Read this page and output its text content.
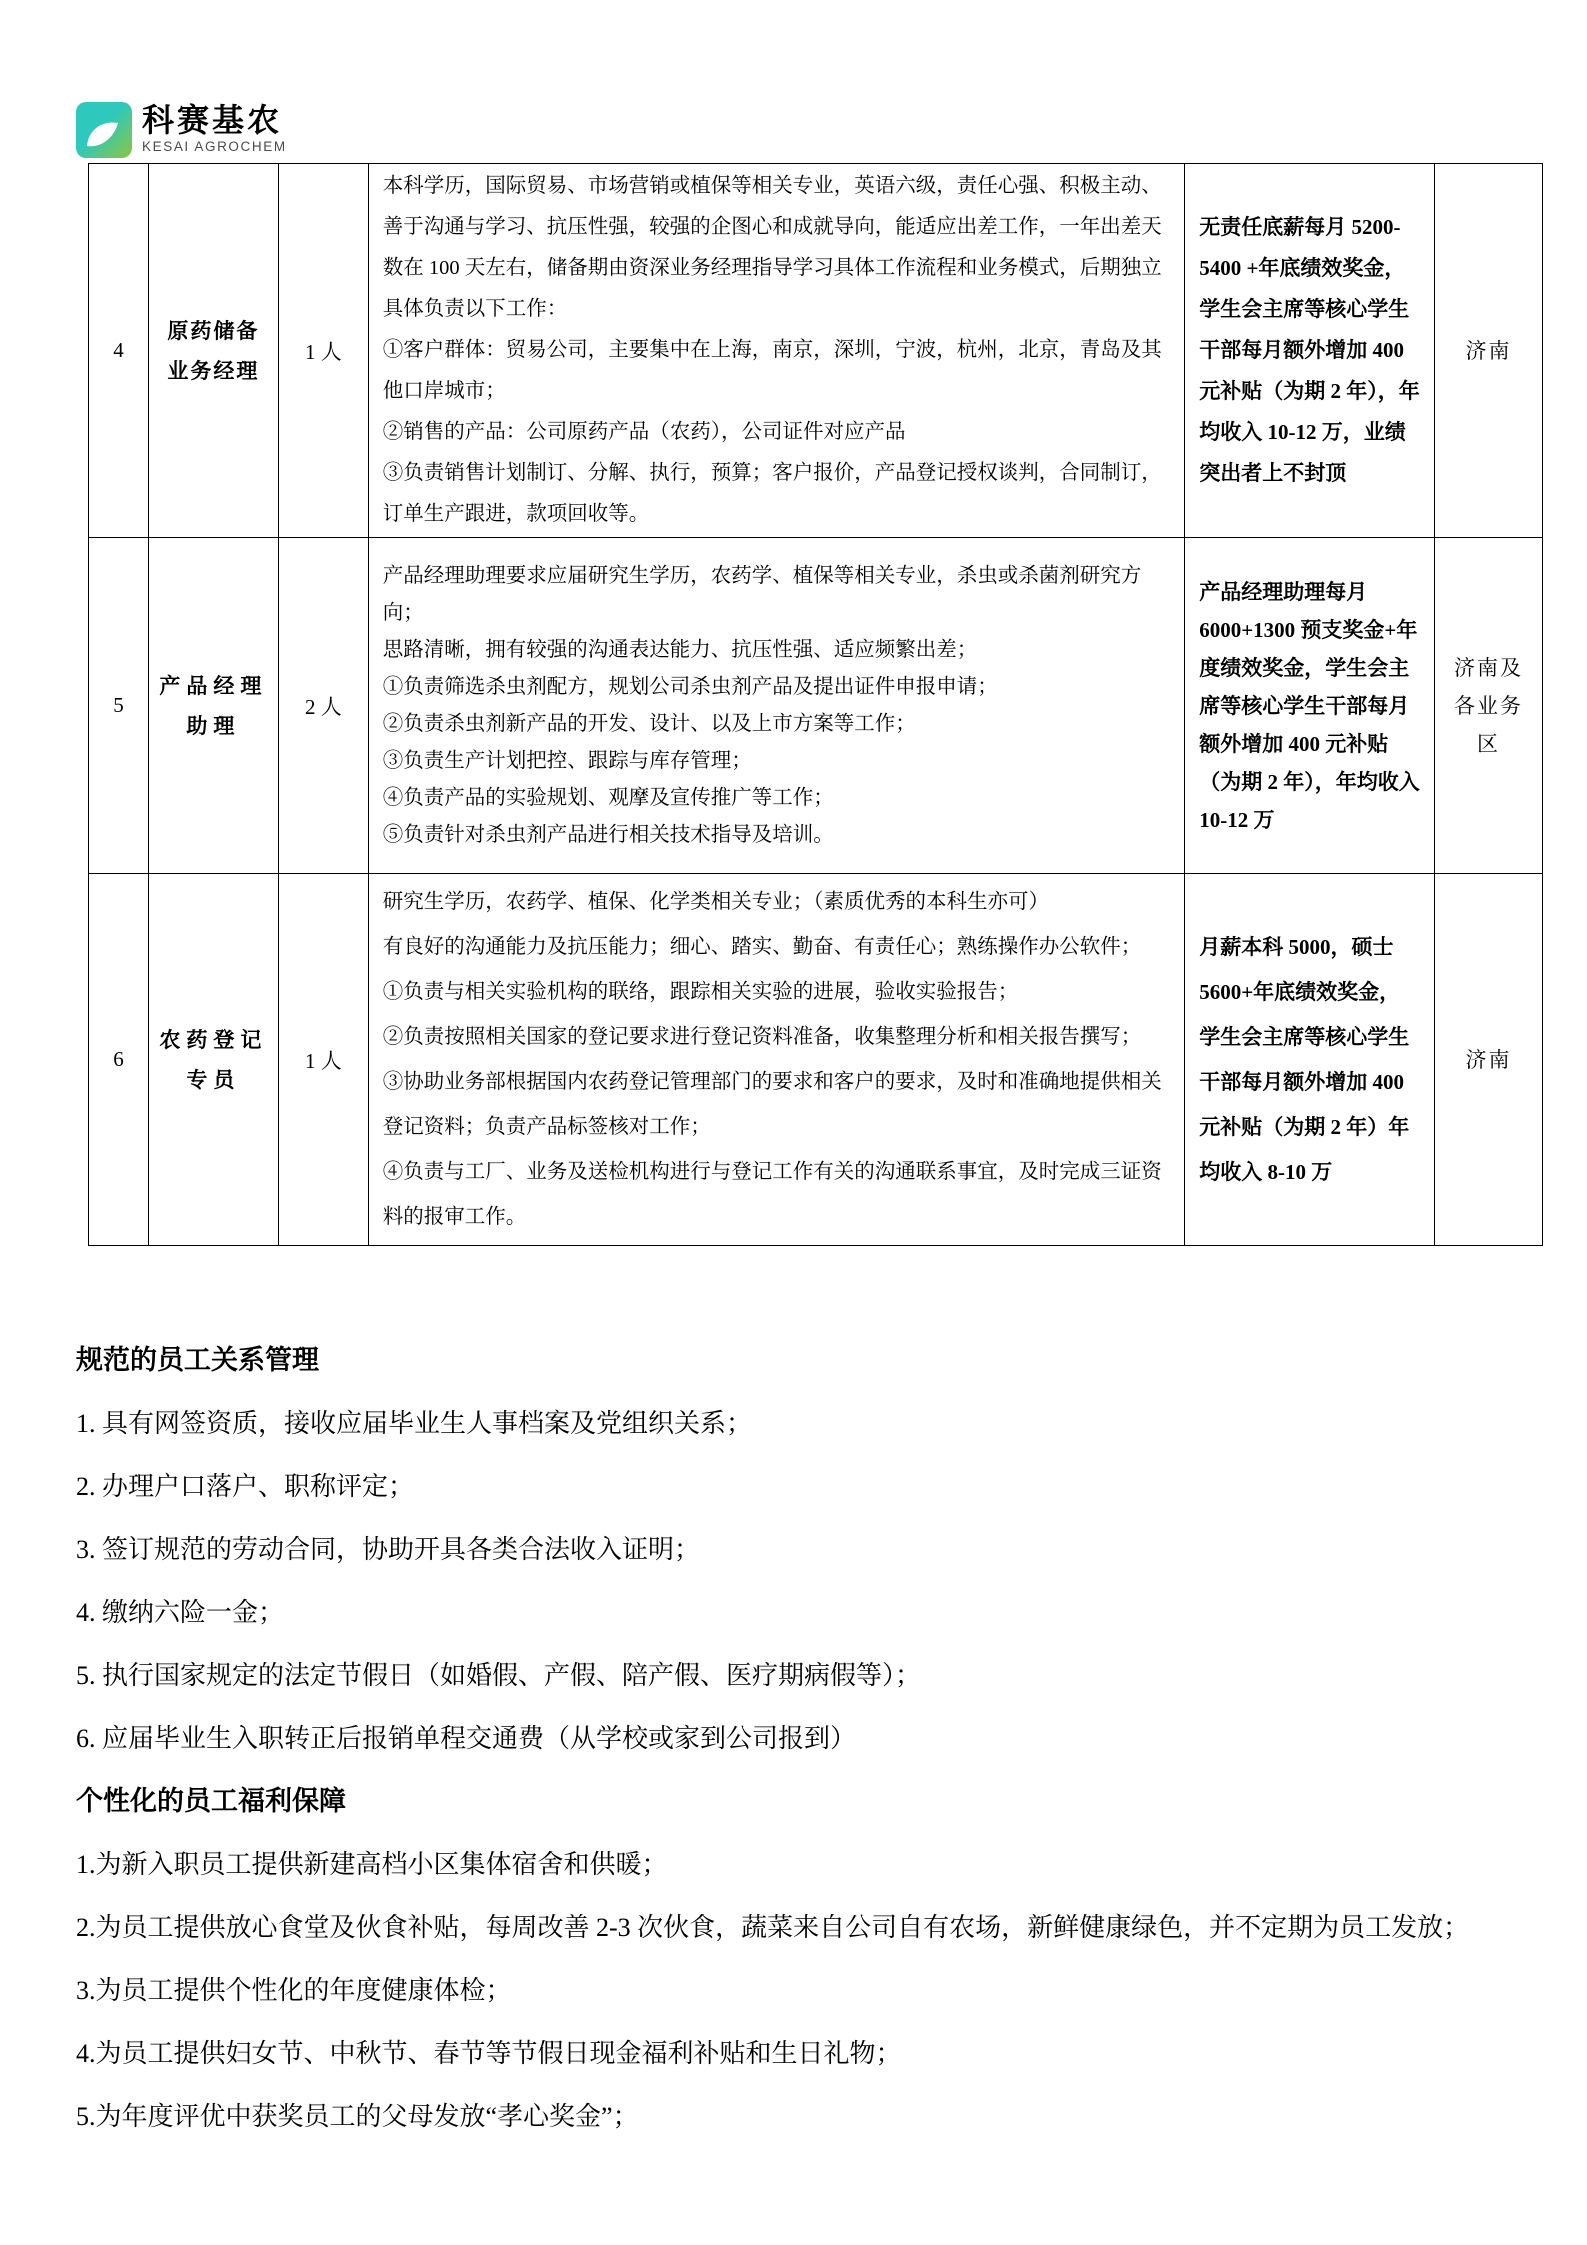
科赛基农
KESAI AGROCHEM
4
原药储备
业务经理
1 人

本科学历，国际贸易、市场营销或植保等相关专业，英语六级，责任心强、积极主动、善于沟通与学习、抗压性强，较强的企图心和成就导向，能适应出差工作，一年出差天数在 100 天左右，储备期由资深业务经理指导学习具体工作流程和业务模式，后期独立具体负责以下工作：

①客户群体：贸易公司，主要集中在上海，南京，深圳，宁波，杭州，北京，青岛及其他口岸城市；

②销售的产品：公司原药产品（农药），公司证件对应产品

③负责销售计划制订、分解、执行，预算；客户报价，产品登记授权谈判，合同制订，订单生产跟进，款项回收等。

无责任底薪每月 5200-5400 +年底绩效奖金，学生会主席等核心学生干部每月额外增加 400 元补贴（为期 2 年），年均收入 10-12 万，业绩突出者上不封顶

济南
5
产品经理
助理
2 人

产品经理助理要求应届研究生学历，农药学、植保等相关专业，杀虫或杀菌剂研究方向；

思路清晰，拥有较强的沟通表达能力、抗压性强、适应频繁出差；

①负责筛选杀虫剂配方，规划公司杀虫剂产品及提出证件申报申请；

②负责杀虫剂新产品的开发、设计、以及上市方案等工作；

③负责生产计划把控、跟踪与库存管理；

④负责产品的实验规划、观摩及宣传推广等工作；

⑤负责针对杀虫剂产品进行相关技术指导及培训。

产品经理助理每月 6000+1300 预支奖金+年度绩效奖金，学生会主席等核心学生干部每月额外增加 400 元补贴（为期 2 年），年均收入 10-12 万

济南及各业务区
6
农药登记
专员
1 人

研究生学历，农药学、植保、化学类相关专业；（素质优秀的本科生亦可）

有良好的沟通能力及抗压能力；细心、踏实、勤奋、有责任心；熟练操作办公软件；

①负责与相关实验机构的联络，跟踪相关实验的进展，验收实验报告；

②负责按照相关国家的登记要求进行登记资料准备，收集整理分析和相关报告撰写；

③协助业务部根据国内农药登记管理部门的要求和客户的要求，及时和准确地提供相关登记资料；负责产品标签核对工作；

④负责与工厂、业务及送检机构进行与登记工作有关的沟通联系事宜，及时完成三证资料的报审工作。

月薪本科 5000，硕士 5600+年底绩效奖金，学生会主席等核心学生干部每月额外增加 400 元补贴（为期 2 年）年均收入 8-10 万

济南

规范的员工关系管理

1. 具有网签资质，接收应届毕业生人事档案及党组织关系；

2. 办理户口落户、职称评定；

3. 签订规范的劳动合同，协助开具各类合法收入证明；

4. 缴纳六险一金；

5. 执行国家规定的法定节假日（如婚假、产假、陪产假、医疗期病假等）；

6. 应届毕业生入职转正后报销单程交通费（从学校或家到公司报到）

个性化的员工福利保障

1.为新入职员工提供新建高档小区集体宿舍和供暖；

2.为员工提供放心食堂及伙食补贴，每周改善 2-3 次伙食，蔬菜来自公司自有农场，新鲜健康绿色，并不定期为员工发放；

3.为员工提供个性化的年度健康体检；

4.为员工提供妇女节、中秋节、春节等节假日现金福利补贴和生日礼物；

5.为年度评优中获奖员工的父母发放“孝心奖金”；
